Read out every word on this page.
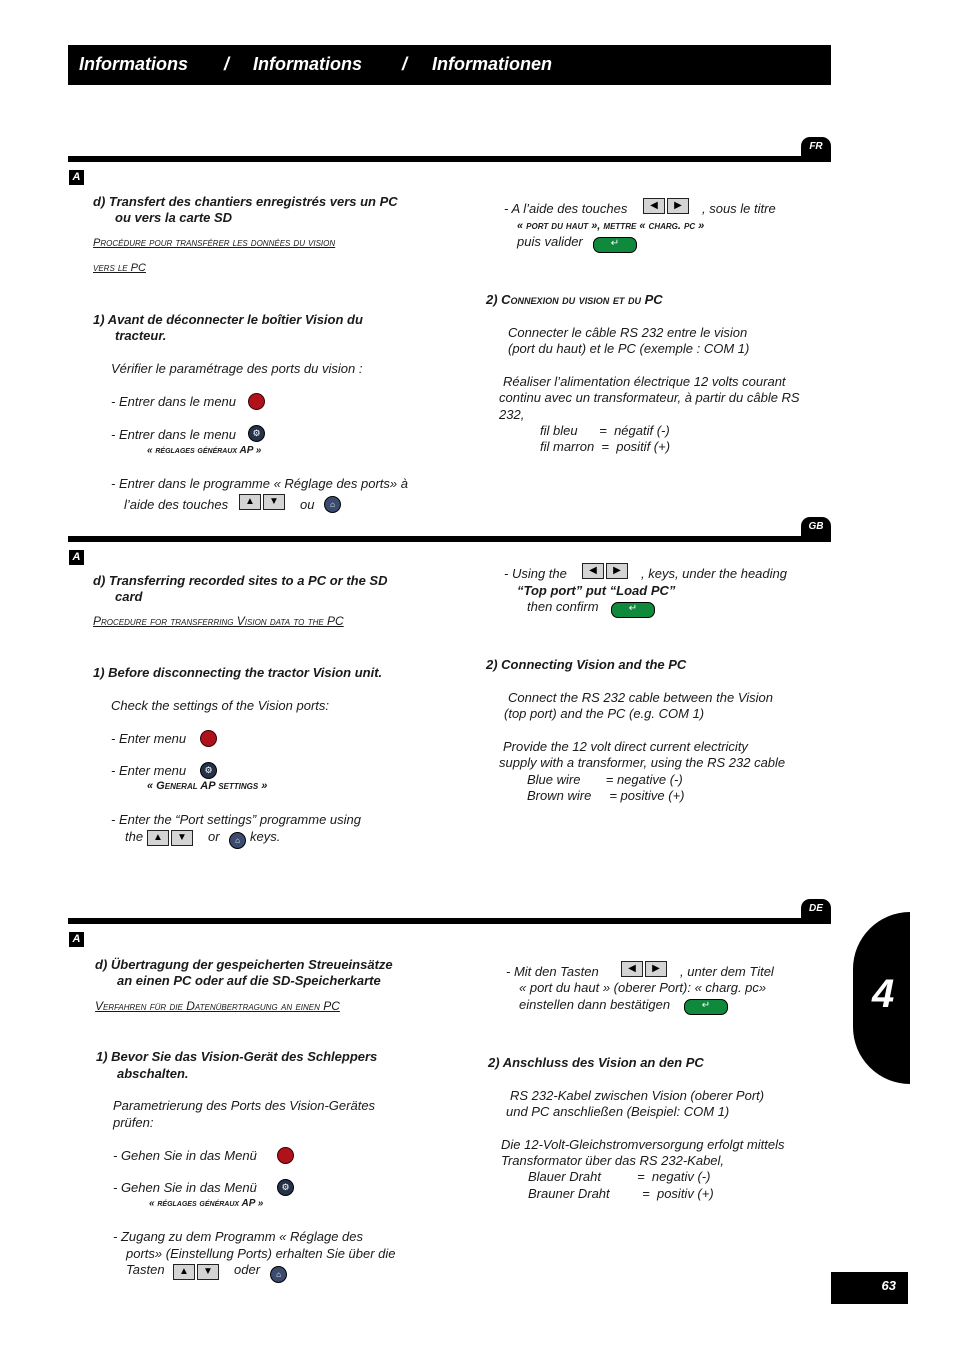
Informations / Informations / Informationen
FR
A
d) Transfert des chantiers enregistrés vers un PC
ou vers la carte SD
Procédure pour transférer les données du vision
vers le PC
1) Avant de déconnecter le boîtier Vision du
tracteur.
Vérifier le paramétrage des ports du vision :
- Entrer dans le menu
- Entrer dans le menu	⚙
« réglages généraux AP »
- Entrer dans le programme « Réglage des ports» à
l’aide des touches	▲	▼	ou	⌂
- A l’aide des touches	◀	▶	, sous le titre
« port du haut », mettre « charg. pc »
puis valider	↵
2) Connexion du vision et du PC
Connecter le câble RS 232 entre le vision
(port du haut) et le PC (exemple : COM 1)
Réaliser l’alimentation électrique 12 volts courant
continu avec un transformateur, à partir du câble RS
232,
fil bleu      =  négatif (-)
fil marron  =  positif (+)
GB
A
d) Transferring recorded sites to a PC or the SD
card
Procedure for transferring Vision data to the PC
1) Before disconnecting the tractor Vision unit.
Check the settings of the Vision ports:
- Enter menu
- Enter menu	⚙
« General AP settings »
- Enter the “Port settings” programme using
the ▲	▼	or	⌂ keys.
- Using the	◀	▶	, keys, under the heading
“Top port” put “Load PC”
then confirm	↵
2) Connecting Vision and the PC
Connect the RS 232 cable between the Vision
(top port) and the PC (e.g. COM 1)
Provide the 12 volt direct current electricity
supply with a transformer, using the RS 232 cable
Blue wire       = negative (-)
Brown wire     = positive (+)
DE
A
d) Übertragung der gespeicherten Streueinsätze
an einen PC oder auf die SD-Speicherkarte
Verfahren für die Datenübertragung an einen PC
1) Bevor Sie das Vision-Gerät des Schleppers
abschalten.
Parametrierung des Ports des Vision-Gerätes
prüfen:
- Gehen Sie in das Menü
- Gehen Sie in das Menü	⚙
« réglages généraux AP »
- Zugang zu dem Programm « Réglage des
ports» (Einstellung Ports) erhalten Sie über die
Tasten	▲	▼	oder	⌂
- Mit den Tasten	◀	▶	, unter dem Titel
« port du haut » (oberer Port): « charg. pc»
einstellen dann bestätigen	↵
2) Anschluss des Vision an den PC
RS 232-Kabel zwischen Vision (oberer Port)
und PC anschließen (Beispiel: COM 1)
Die 12-Volt-Gleichstromversorgung erfolgt mittels
Transformator über das RS 232-Kabel,
Blauer Draht          =  negativ (-)
Brauner Draht         =  positiv (+)
4
63
